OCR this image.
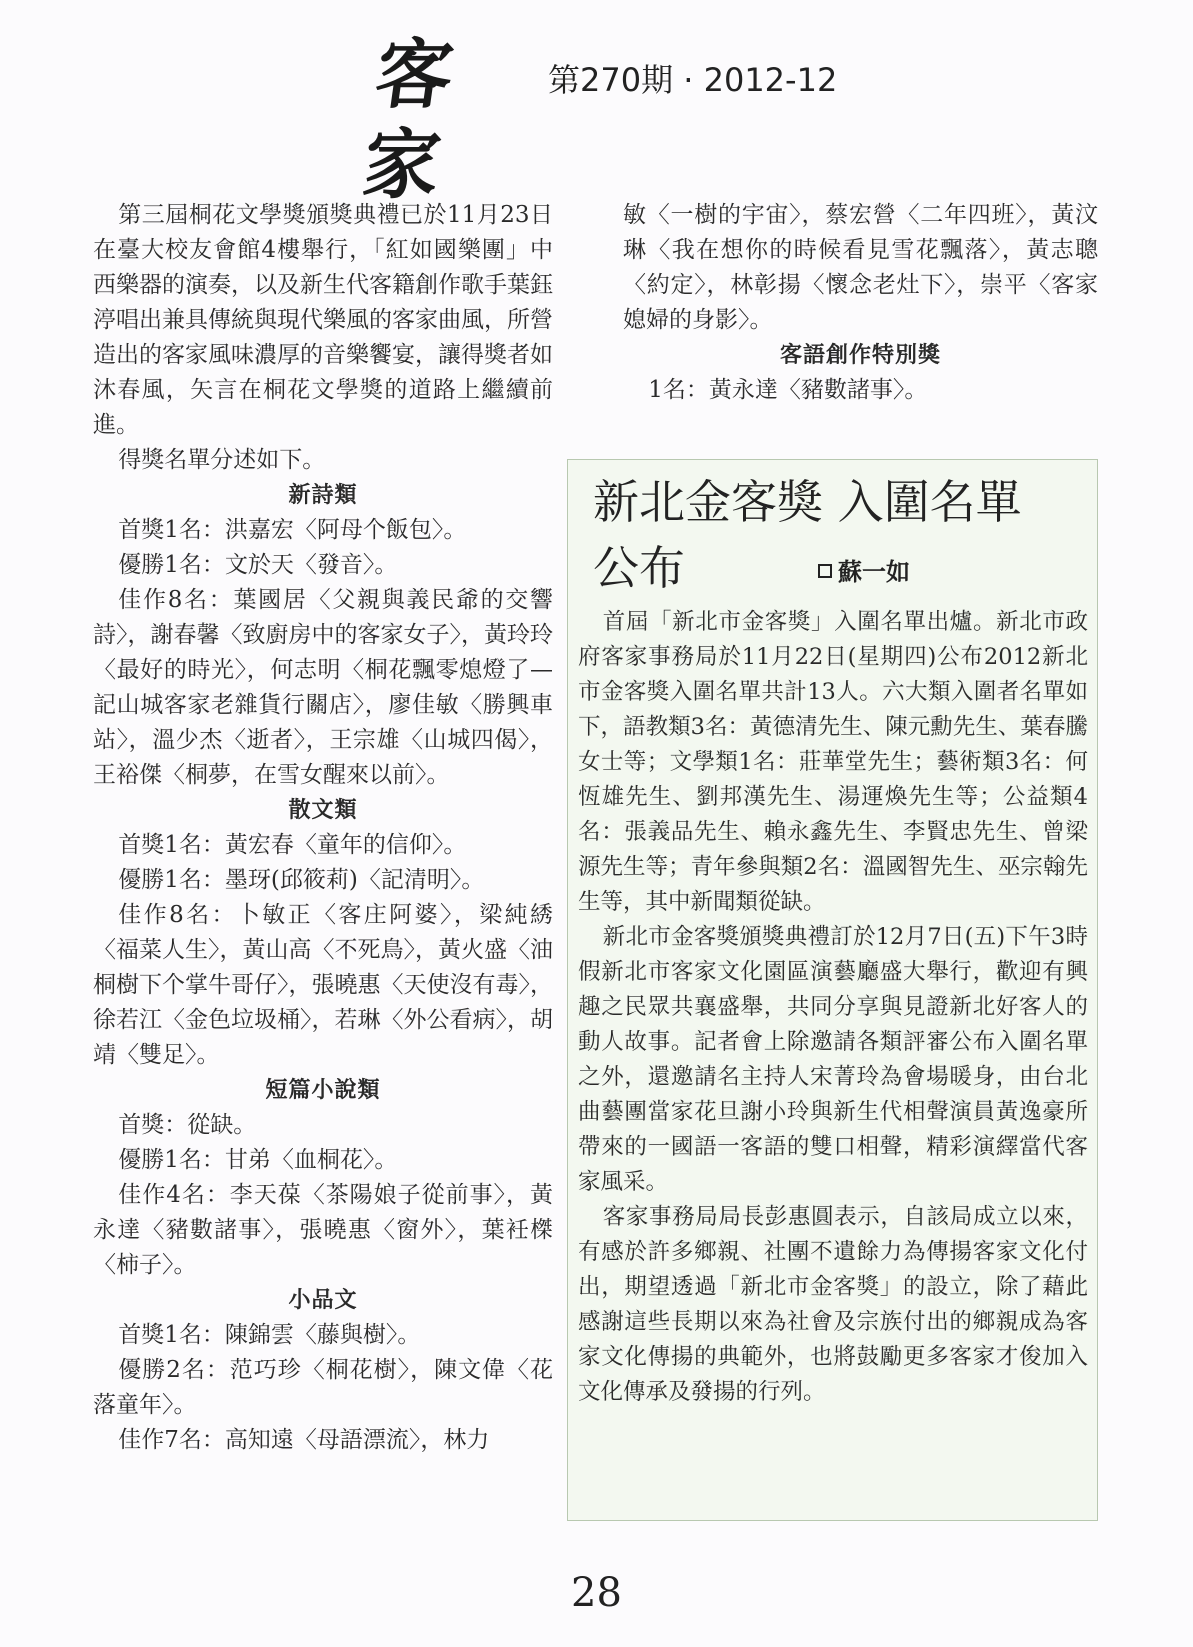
客家
第270期 · 2012-12

第三屆桐花文學獎頒獎典禮已於11月23日在臺大校友會館4樓舉行，「紅如國樂團」中西樂器的演奏，以及新生代客籍創作歌手葉鈺渟唱出兼具傳統與現代樂風的客家曲風，所營造出的客家風味濃厚的音樂饗宴，讓得獎者如沐春風，矢言在桐花文學獎的道路上繼續前進。

得獎名單分述如下。

新詩類

首獎1名：洪嘉宏〈阿母个飯包〉。

優勝1名：文於天〈發音〉。

佳作8名：葉國居〈父親與義民爺的交響詩〉，謝春馨〈致廚房中的客家女子〉，黃玲玲〈最好的時光〉，何志明〈桐花飄零熄燈了—記山城客家老雜貨行關店〉，廖佳敏〈勝興車站〉，溫少杰〈逝者〉，王宗雄〈山城四偈〉，王裕傑〈桐夢，在雪女醒來以前〉。

散文類

首獎1名：黃宏春〈童年的信仰〉。

優勝1名：墨玡(邱筱莉)〈記清明〉。

佳作8名：卜敏正〈客庄阿婆〉，梁純綉〈福菜人生〉，黃山高〈不死鳥〉，黃火盛〈油桐樹下个掌牛哥仔〉，張曉惠〈天使沒有毒〉，徐若江〈金色垃圾桶〉，若琳〈外公看病〉，胡靖〈雙足〉。

短篇小說類

首獎：從缺。

優勝1名：甘弟〈血桐花〉。

佳作4名：李天葆〈茶陽娘子從前事〉，黃永達〈豬數諸事〉，張曉惠〈窗外〉，葉衽榤〈柿子〉。

小品文

首獎1名：陳錦雲〈藤與樹〉。

優勝2名：范巧珍〈桐花樹〉，陳文偉〈花落童年〉。

佳作7名：高知遠〈母語漂流〉，林力

敏〈一樹的宇宙〉，蔡宏營〈二年四班〉，黃汶琳〈我在想你的時候看見雪花飄落〉，黃志聰〈約定〉，林彰揚〈懷念老灶下〉，崇平〈客家媳婦的身影〉。

客語創作特別獎

1名：黃永達〈豬數諸事〉。

新北金客獎 入圍名單
公布	蘇一如

首屆「新北市金客獎」入圍名單出爐。新北市政府客家事務局於11月22日(星期四)公布2012新北市金客獎入圍名單共計13人。六大類入圍者名單如下，語教類3名：黃德清先生、陳元勳先生、葉春騰女士等；文學類1名：莊華堂先生；藝術類3名：何恆雄先生、劉邦漢先生、湯運煥先生等；公益類4名：張義品先生、賴永鑫先生、李賢忠先生、曾梁源先生等；青年參與類2名：溫國智先生、巫宗翰先生等，其中新聞類從缺。

新北市金客獎頒獎典禮訂於12月7日(五)下午3時假新北市客家文化園區演藝廳盛大舉行，歡迎有興趣之民眾共襄盛舉，共同分享與見證新北好客人的動人故事。記者會上除邀請各類評審公布入圍名單之外，還邀請名主持人宋菁玲為會場暖身，由台北曲藝團當家花旦謝小玲與新生代相聲演員黃逸豪所帶來的一國語一客語的雙口相聲，精彩演繹當代客家風采。

客家事務局局長彭惠圓表示，自該局成立以來，有感於許多鄉親、社團不遺餘力為傳揚客家文化付出，期望透過「新北市金客獎」的設立，除了藉此感謝這些長期以來為社會及宗族付出的鄉親成為客家文化傳揚的典範外，也將鼓勵更多客家才俊加入文化傳承及發揚的行列。

28
